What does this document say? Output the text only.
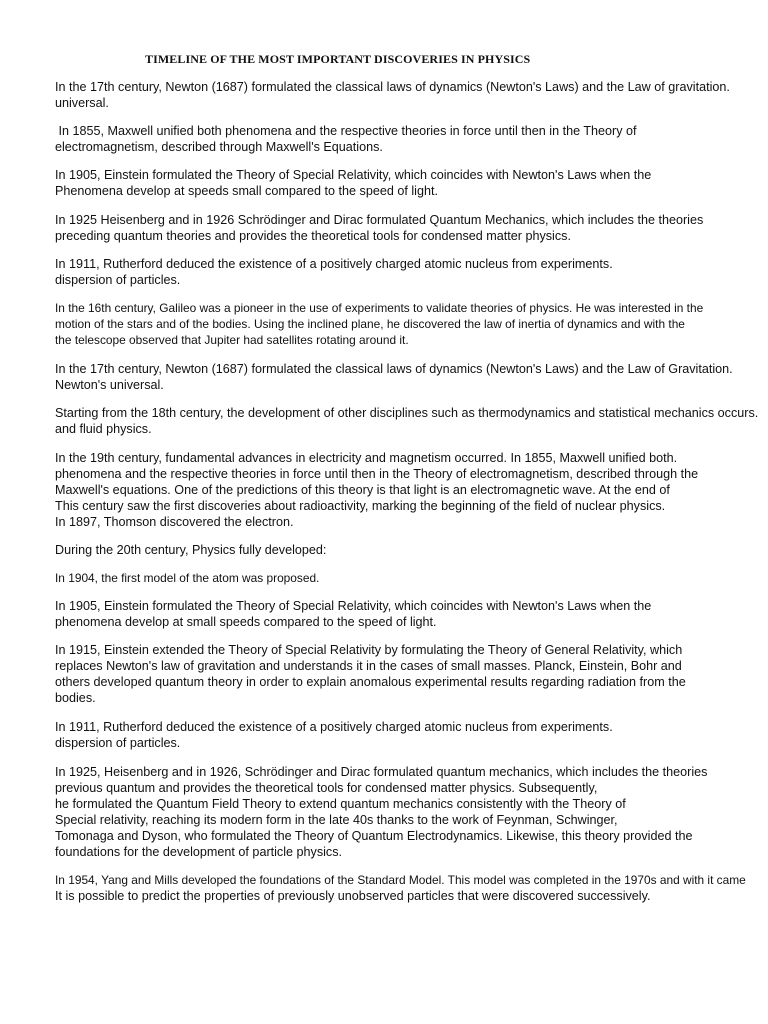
TIMELINE OF THE MOST IMPORTANT DISCOVERIES IN PHYSICS
In the 17th century, Newton (1687) formulated the classical laws of dynamics (Newton's Laws) and the Law of gravitation.
universal.
In 1855, Maxwell unified both phenomena and the respective theories in force until then in the Theory of
electromagnetism, described through Maxwell's Equations.
In 1905, Einstein formulated the Theory of Special Relativity, which coincides with Newton's Laws when the
Phenomena develop at speeds small compared to the speed of light.
In 1925 Heisenberg and in 1926 Schrödinger and Dirac formulated Quantum Mechanics, which includes the theories
preceding quantum theories and provides the theoretical tools for condensed matter physics.
In 1911, Rutherford deduced the existence of a positively charged atomic nucleus from experiments.
dispersion of particles.
In the 16th century, Galileo was a pioneer in the use of experiments to validate theories of physics. He was interested in the
motion of the stars and of the bodies. Using the inclined plane, he discovered the law of inertia of dynamics and with the
the telescope observed that Jupiter had satellites rotating around it.
In the 17th century, Newton (1687) formulated the classical laws of dynamics (Newton's Laws) and the Law of Gravitation.
Newton's universal.
Starting from the 18th century, the development of other disciplines such as thermodynamics and statistical mechanics occurs.
and fluid physics.
In the 19th century, fundamental advances in electricity and magnetism occurred. In 1855, Maxwell unified both.
phenomena and the respective theories in force until then in the Theory of electromagnetism, described through the
Maxwell's equations. One of the predictions of this theory is that light is an electromagnetic wave. At the end of
This century saw the first discoveries about radioactivity, marking the beginning of the field of nuclear physics.
In 1897, Thomson discovered the electron.
During the 20th century, Physics fully developed:
In 1904, the first model of the atom was proposed.
In 1905, Einstein formulated the Theory of Special Relativity, which coincides with Newton's Laws when the
phenomena develop at small speeds compared to the speed of light.
In 1915, Einstein extended the Theory of Special Relativity by formulating the Theory of General Relativity, which
replaces Newton's law of gravitation and understands it in the cases of small masses. Planck, Einstein, Bohr and
others developed quantum theory in order to explain anomalous experimental results regarding radiation from the
bodies.
In 1911, Rutherford deduced the existence of a positively charged atomic nucleus from experiments.
dispersion of particles.
In 1925, Heisenberg and in 1926, Schrödinger and Dirac formulated quantum mechanics, which includes the theories
previous quantum and provides the theoretical tools for condensed matter physics. Subsequently,
he formulated the Quantum Field Theory to extend quantum mechanics consistently with the Theory of
Special relativity, reaching its modern form in the late 40s thanks to the work of Feynman, Schwinger,
Tomonaga and Dyson, who formulated the Theory of Quantum Electrodynamics. Likewise, this theory provided the
foundations for the development of particle physics.
In 1954, Yang and Mills developed the foundations of the Standard Model. This model was completed in the 1970s and with it came
It is possible to predict the properties of previously unobserved particles that were discovered successively.
